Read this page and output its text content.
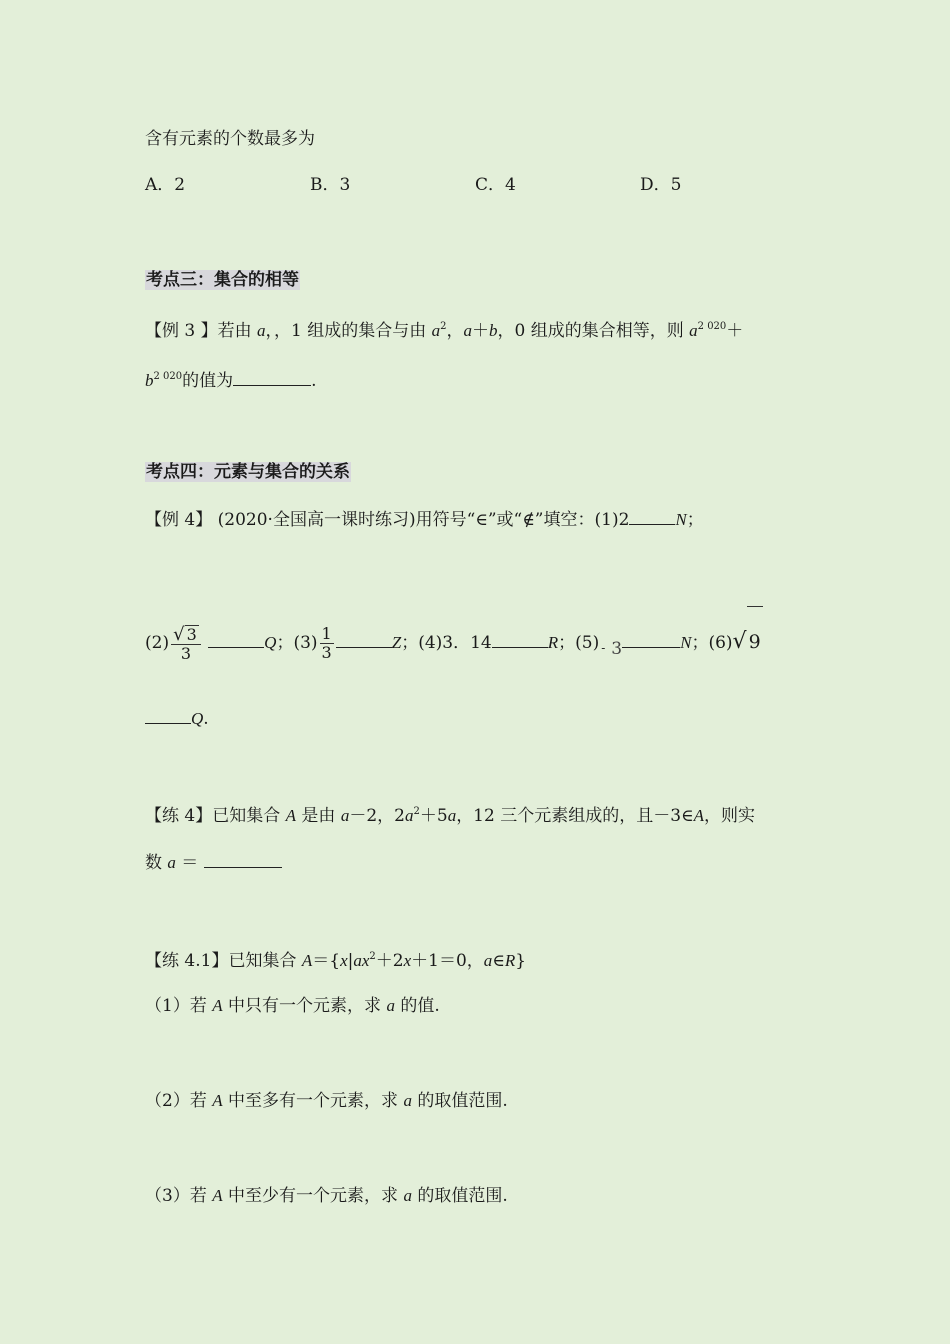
含有元素的个数最多为
A．2	B．3	C．4	D．5
考点三：集合的相等
【例 3 】若由 a，，1 组成的集合与由 $a^2$，a＋b，0 组成的集合相等，则 $a^{2 020}+$
$b^{2 020}$的值为	.
考点四：元素与集合的关系
【例 4】 (2020·全国高一课时练习)用符号“∈”或“∉”填空：(1)2	N；
$(2) \frac{√ 3}{3}$	Q；$(3) \frac{1}{3}$	Z；(4)3．14	R；(5) $_-$ 3	N；(6)√ 9
Q.
【练 4】已知集合 A 是由 a－2，$2a^2+5a$，12 三个元素组成的，且－3∈A，则实
数 a ＝
【练 4.1】已知集合 $A=\{x|ax^2+2x+1=0$，a∈R}
（1）若 A 中只有一个元素，求 a 的值.
（2）若 A 中至多有一个元素，求 a 的取值范围.
（3）若 A 中至少有一个元素，求 a 的取值范围.
